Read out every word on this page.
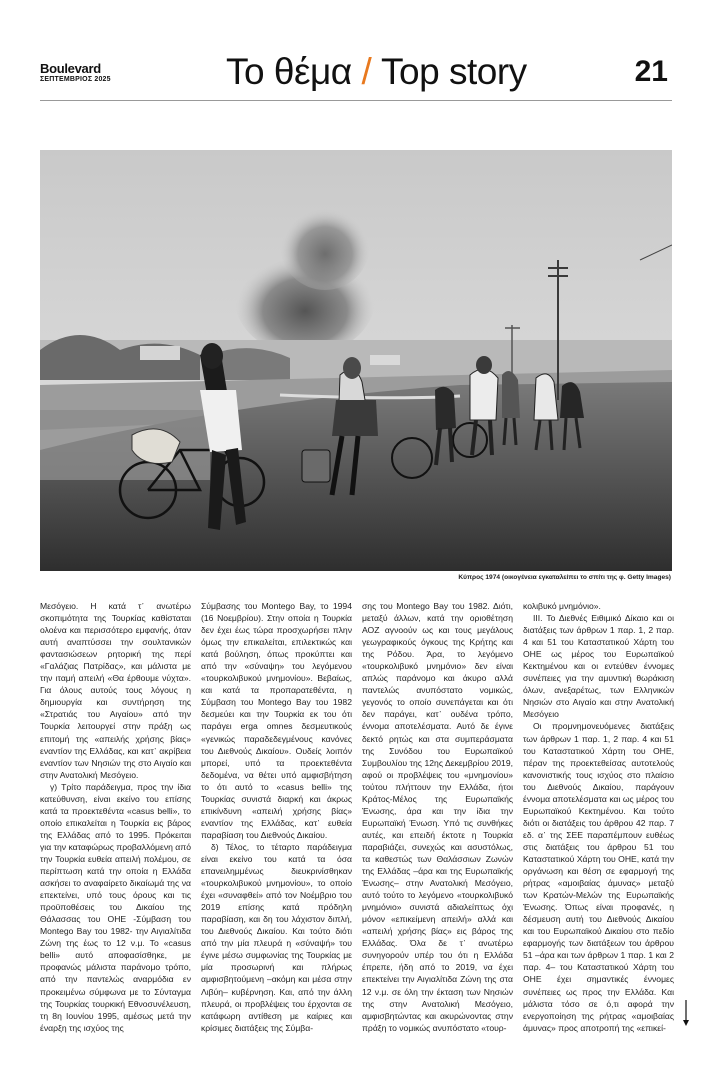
Boulevard
ΣΕΠΤΕΜΒΡΙΟΣ 2025	Το θέμα / Top story	21
Κύπρος 1974 (οικογένεια εγκαταλείπει το σπίτι της φ. Getty Images)

Μεσόγειο. Η κατά τ᾽ ανωτέρω σκοπιμότητα της Τουρκίας καθίσταται ολοένα και περισσότερο εμφανής, όταν αυτή αναπτύσσει την σουλτανικών φαντασιώσεων ρητορική της περί «Γαλάζιας Πατρίδας», και μάλιστα με την ιταμή απειλή «Θα έρθουμε νύχτα». Για όλους αυτούς τους λόγους η δημιουργία και συντήρηση της «Στρατιάς του Αιγαίου» από την Τουρκία λειτουργεί στην πράξη ως επιτομή της «απειλής χρήσης βίας» εναντίον της Ελλάδας, και κατ᾽ ακρίβεια εναντίον των Νησιών της στο Αιγαίο και στην Ανατολική Μεσόγειο.

γ) Τρίτο παράδειγμα, προς την ίδια κατεύθυνση, είναι εκείνο του επίσης κατά τα προεκτεθέντα «casus belli», το οποίο επικαλείται η Τουρκία εις βάρος της Ελλάδας από το 1995. Πρόκειται για την καταφώρως προβαλλόμενη από την Τουρκία ευθεία απειλή πολέμου, σε περίπτωση κατά την οποία η Ελλάδα ασκήσει το αναφαίρετο δικαίωμά της να επεκτείνει, υπό τους όρους και τις προϋποθέσεις του Δικαίου της Θάλασσας του ΟΗΕ -Σύμβαση του Montego Bay του 1982- την Αιγιαλίτιδα Ζώνη της έως το 12 ν.μ. Το «casus belli» αυτό αποφασίσθηκε, με προφανώς μάλιστα παράνομο τρόπο, από την παντελώς αναρμόδια εν προκειμένω σύμφωνα με το Σύνταγμα της Τουρκίας τουρκική Εθνοσυνέλευση, τη 8η Ιουνίου 1995, αμέσως μετά την έναρξη της ισχύος της

Σύμβασης του Montego Bay, το 1994 (16 Νοεμβρίου). Στην οποία η Τουρκία δεν έχει έως τώρα προσχωρήσει πλην όμως την επικαλείται, επιλεκτικώς και κατά βούληση, όπως προκύπτει και από την «σύναψη» του λεγόμενου «τουρκολιβυκού μνημονίου». Βεβαίως, και κατά τα προπαρατεθέντα, η Σύμβαση του Montego Bay του 1982 δεσμεύει και την Τουρκία εκ του ότι παράγει erga omnes δεσμευτικούς «γενικώς παραδεδεγμένους κανόνες του Διεθνούς Δικαίου». Ουδείς λοιπόν μπορεί, υπό τα προεκτεθέντα δεδομένα, να θέτει υπό αμφισβήτηση το ότι αυτό το «casus belli» της Τουρκίας συνιστά διαρκή και άκρως επικίνδυνη «απειλή χρήσης βίας» εναντίον της Ελλάδας, κατ᾽ ευθεία παραβίαση του Διεθνούς Δικαίου.

δ) Τέλος, το τέταρτο παράδειγμα είναι εκείνο του κατά τα όσα επανειλημμένως διευκρινίσθηκαν «τουρκολιβυκού μνημονίου», το οποίο έχει «συναφθεί» από τον Νοέμβριο του 2019 επίσης κατά πρόδηλη παραβίαση, και δη του λάχιστον διπλή, του Διεθνούς Δικαίου. Και τούτο διότι από την μία πλευρά η «σύναψή» του έγινε μέσω συμφωνίας της Τουρκίας με μία προσωρινή και πλήρως αμφισβητούμενη –ακόμη και μέσα στην Λιβύη– κυβέρνηση. Και, από την άλλη πλευρά, οι προβλέψεις του έρχονται σε κατάφωρη αντίθεση με καίριες και κρίσιμες διατάξεις της Σύμβα-

σης του Montego Bay του 1982. Διότι, μεταξύ άλλων, κατά την οριοθέτηση ΑΟΖ αγνοούν ως και τους μεγάλους γεωγραφικούς όγκους της Κρήτης και της Ρόδου. Άρα, το λεγόμενο «τουρκολιβυκό μνημόνιο» δεν είναι απλώς παράνομο και άκυρο αλλά παντελώς ανυπόστατο νομικώς, γεγονός το οποίο συνεπάγεται και ότι δεν παράγει, κατ᾽ ουδένα τρόπο, έννομα αποτελέσματα. Αυτό δε έγινε δεκτό ρητώς και στα συμπεράσματα της Συνόδου του Ευρωπαϊκού Συμβουλίου της 12ης Δεκεμβρίου 2019, αφού οι προβλέψεις του «μνημονίου» τούτου πλήττουν την Ελλάδα, ήτοι Κράτος-Μέλος της Ευρωπαϊκής Ένωσης, άρα και την ίδια την Ευρωπαϊκή Ένωση. Υπό τις συνθήκες αυτές, και επειδή έκτοτε η Τουρκία παραβιάζει, συνεχώς και ασυστόλως, τα καθεστώς των Θαλάσσιων Ζωνών της Ελλάδας –άρα και της Ευρωπαϊκής Ένωσης– στην Ανατολική Μεσόγειο, αυτό τούτο το λεγόμενο «τουρκολιβυκό μνημόνιο» συνιστά αδιαλείπτως όχι μόνον «επικείμενη απειλή» αλλά και «απειλή χρήσης βίας» εις βάρος της Ελλάδας. Όλα δε τ᾽ ανωτέρω συνηγορούν υπέρ του ότι η Ελλάδα έπρεπε, ήδη από το 2019, να έχει επεκτείνει την Αιγιαλίτιδα Ζώνη της στα 12 ν.μ. σε όλη την έκταση των Νησιών της στην Ανατολική Μεσόγειο, αμφισβητώντας και ακυρώνοντας στην πράξη το νομικώς ανυπόστατο «τουρ-

κολιβυκό μνημόνιο».

ΙΙΙ. Το Διεθνές Ειθιμικό Δίκαιο και οι διατάξεις των άρθρων 1 παρ. 1, 2 παρ. 4 και 51 του Καταστατικού Χάρτη του ΟΗΕ ως μέρος του Ευρωπαϊκού Κεκτημένου και οι εντεύθεν έννομες συνέπειες για την αμυντική θωράκιση όλων, ανεξαρέτως, των Ελληνικών Νησιών στο Αιγαίο και στην Ανατολική Μεσόγειο

Οι προμνημονευόμενες διατάξεις των άρθρων 1 παρ. 1, 2 παρ. 4 και 51 του Καταστατικού Χάρτη του ΟΗΕ, πέραν της προεκτεθείσας αυτοτελούς κανονιστικής τους ισχύος στο πλαίσιο του Διεθνούς Δικαίου, παράγουν έννομα αποτελέσματα και ως μέρος του Ευρωπαϊκού Κεκτημένου. Και τούτο διότι οι διατάξεις του άρθρου 42 παρ. 7 εδ. α᾽ της ΣΕΕ παραπέμπουν ευθέως στις διατάξεις του άρθρου 51 του Καταστατικού Χάρτη του ΟΗΕ, κατά την οργάνωση και θέση σε εφαρμογή της ρήτρας «αμοιβαίας άμυνας» μεταξύ των Κρατών-Μελών της Ευρωπαϊκής Ένωσης. Όπως είναι προφανές, η δέσμευση αυτή του Διεθνούς Δικαίου και του Ευρωπαϊκού Δικαίου στο πεδίο εφαρμογής των διατάξεων του άρθρου 51 –άρα και των άρθρων 1 παρ. 1 και 2 παρ. 4– του Καταστατικού Χάρτη του ΟΗΕ έχει σημαντικές έννομες συνέπειες ως προς την Ελλάδα. Και μάλιστα τόσο σε ό,τι αφορά την ενεργοποίηση της ρήτρας «αμοιβαίας άμυνας» προς αποτροπή της «επικεί-
